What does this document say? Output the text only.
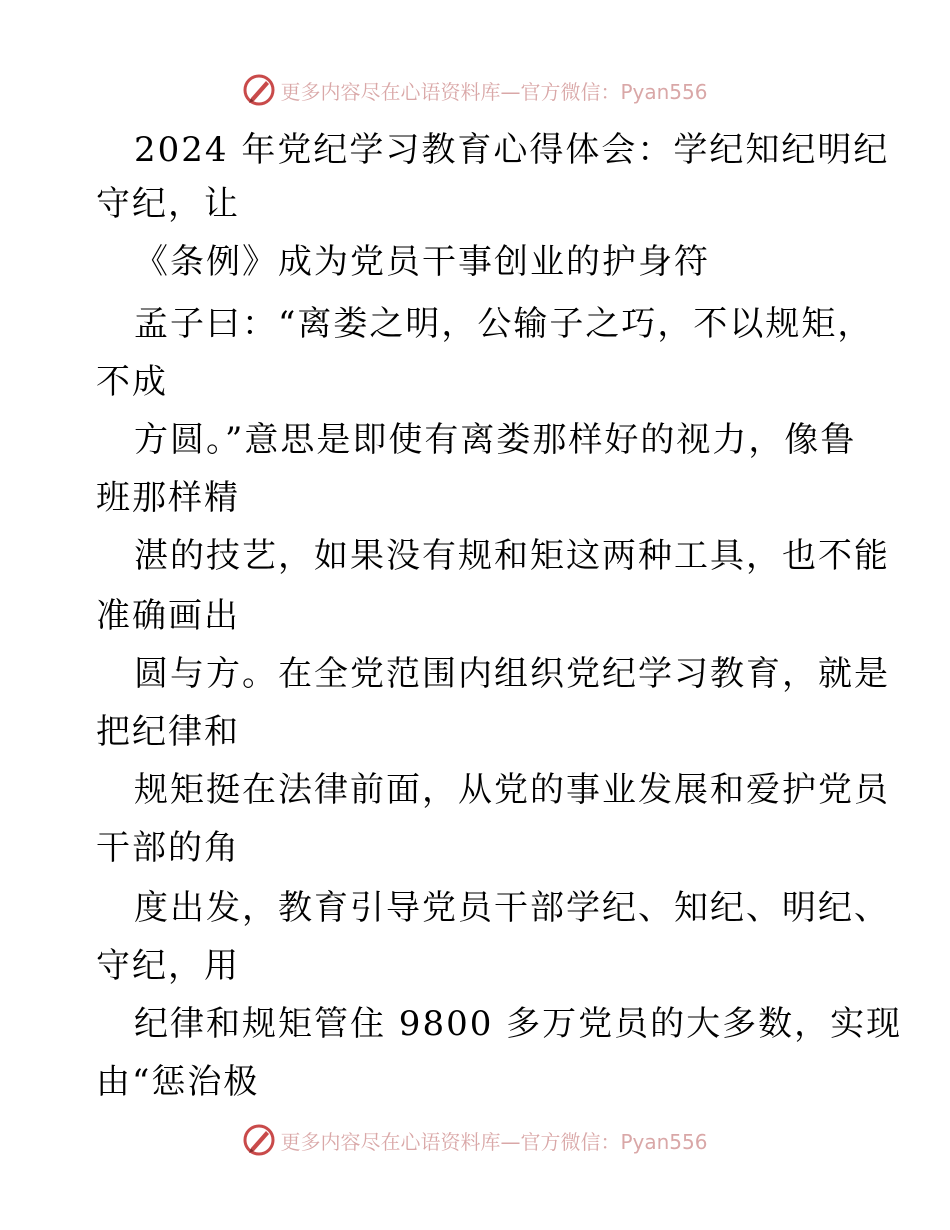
更多内容尽在心语资料库—官方微信：Pyan556
2024 年党纪学习教育心得体会：学纪知纪明纪
守纪，让
《条例》成为党员干事创业的护身符
孟子曰：“离娄之明，公输子之巧，不以规矩，
不成
方圆。”意思是即使有离娄那样好的视力，像鲁
班那样精
湛的技艺，如果没有规和矩这两种工具，也不能
准确画出
圆与方。在全党范围内组织党纪学习教育，就是
把纪律和
规矩挺在法律前面，从党的事业发展和爱护党员
干部的角
度出发，教育引导党员干部学纪、知纪、明纪、
守纪，用
纪律和规矩管住 9800 多万党员的大多数，实现
由“惩治极
更多内容尽在心语资料库—官方微信：Pyan556
